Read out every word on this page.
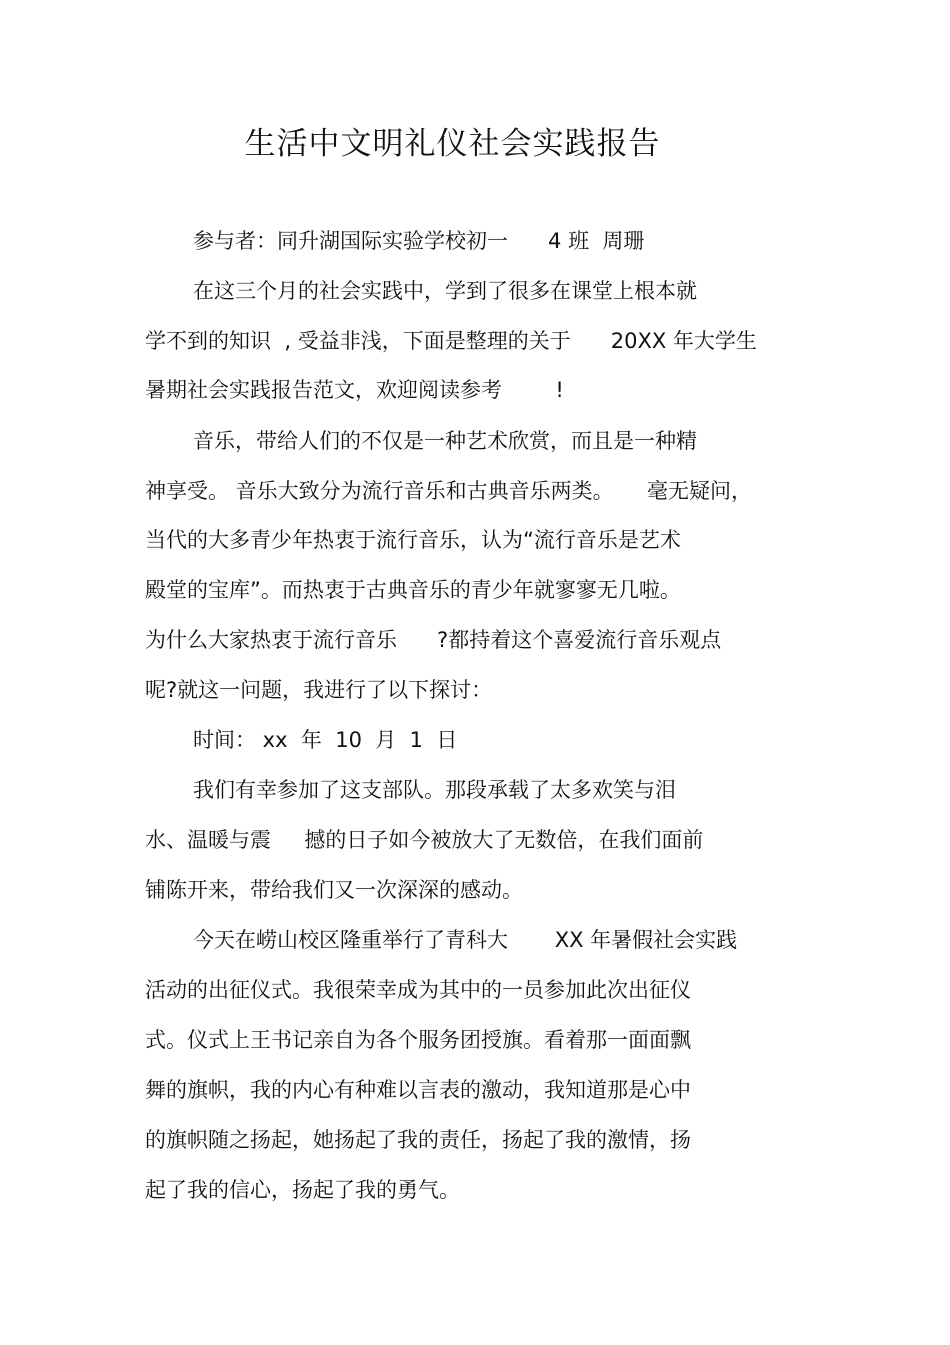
生活中文明礼仪社会实践报告
参与者：同升湖国际实验学校初一      4 班  周珊
在这三个月的社会实践中，学到了很多在课堂上根本就
学不到的知识  , 受益非浅，下面是整理的关于      20XX 年大学生
暑期社会实践报告范文，欢迎阅读参考        !
音乐，带给人们的不仅是一种艺术欣赏，而且是一种精
神享受。 音乐大致分为流行音乐和古典音乐两类。     毫无疑问，
当代的大多青少年热衷于流行音乐，认为“流行音乐是艺术
殿堂的宝库”。而热衷于古典音乐的青少年就寥寥无几啦。
为什么大家热衷于流行音乐      ?都持着这个喜爱流行音乐观点
呢?就这一问题，我进行了以下探讨：
时间： xx  年  10  月  1  日
我们有幸参加了这支部队。那段承载了太多欢笑与泪
水、温暖与震     撼的日子如今被放大了无数倍，在我们面前
铺陈开来，带给我们又一次深深的感动。
今天在崂山校区隆重举行了青科大       XX 年暑假社会实践
活动的出征仪式。我很荣幸成为其中的一员参加此次出征仪
式。仪式上王书记亲自为各个服务团授旗。看着那一面面飘
舞的旗帜，我的内心有种难以言表的激动，我知道那是心中
的旗帜随之扬起，她扬起了我的责任，扬起了我的激情，扬
起了我的信心，扬起了我的勇气。
